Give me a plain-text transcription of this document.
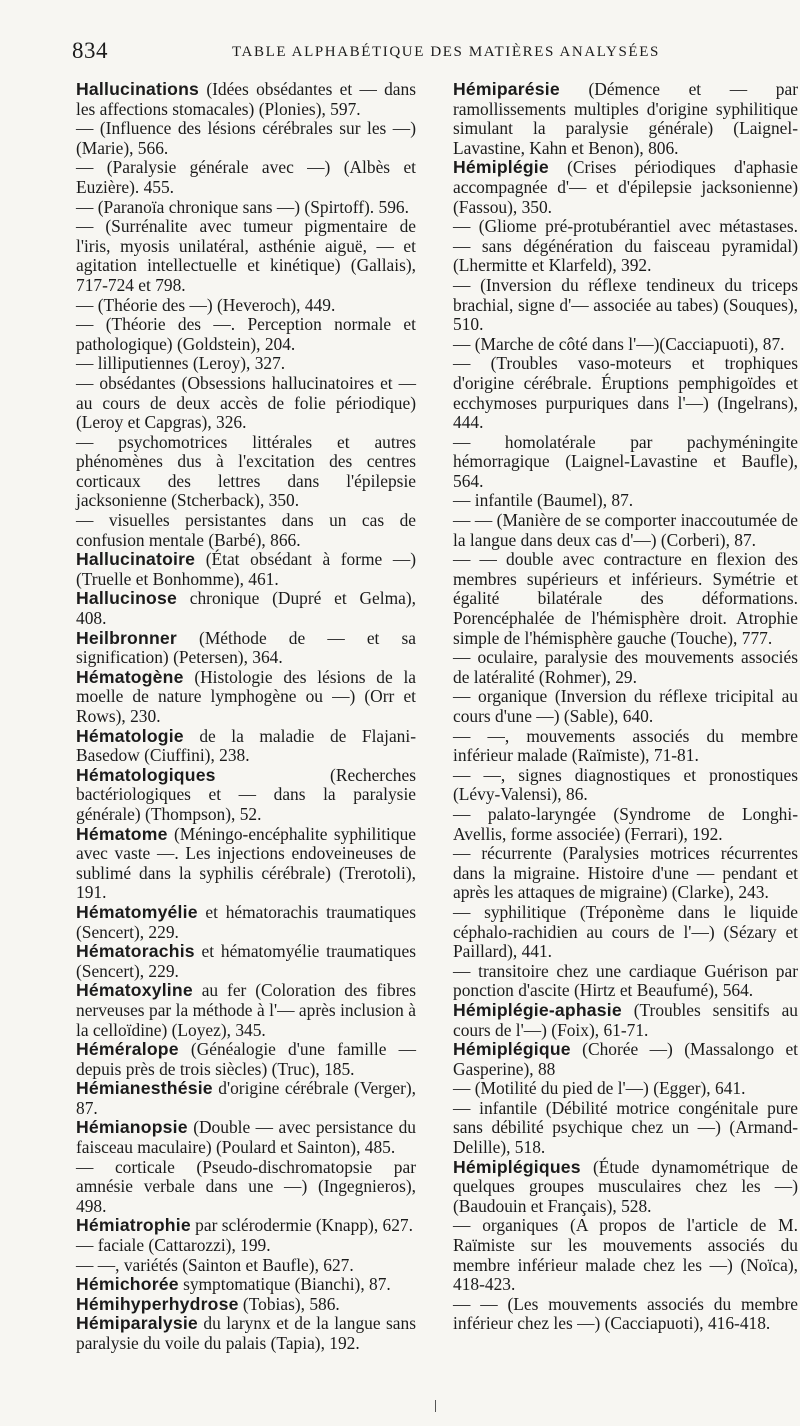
834	TABLE ALPHABÉTIQUE DES MATIÈRES ANALYSÉES

Hallucinations (Idées obsédantes et — dans les affections stomacales) (Plonies), 597.

— (Influence des lésions cérébrales sur les —) (Marie), 566.

— (Paralysie générale avec —) (Albès et Euzière). 455.

— (Paranoïa chronique sans —) (Spirtoff). 596.

— (Surrénalite avec tumeur pigmentaire de l'iris, myosis unilatéral, asthénie aiguë, — et agitation intellectuelle et kinétique) (Gallais), 717-724 et 798.

— (Théorie des —) (Heveroch), 449.

— (Théorie des —. Perception normale et pathologique) (Goldstein), 204.

— lilliputiennes (Leroy), 327.

— obsédantes (Obsessions hallucinatoires et — au cours de deux accès de folie périodique) (Leroy et Capgras), 326.

— psychomotrices littérales et autres phénomènes dus à l'excitation des centres corticaux des lettres dans l'épilepsie jacksonienne (Stcherback), 350.

— visuelles persistantes dans un cas de confusion mentale (Barbé), 866.

Hallucinatoire (État obsédant à forme —) (Truelle et Bonhomme), 461.

Hallucinose chronique (Dupré et Gelma), 408.

Heilbronner (Méthode de — et sa signification) (Petersen), 364.

Hématogène (Histologie des lésions de la moelle de nature lymphogène ou —) (Orr et Rows), 230.

Hématologie de la maladie de Flajani-Basedow (Ciuffini), 238.

Hématologiques (Recherches bactériologiques et — dans la paralysie générale) (Thompson), 52.

Hématome (Méningo-encéphalite syphilitique avec vaste —. Les injections endoveineuses de sublimé dans la syphilis cérébrale) (Trerotoli), 191.

Hématomyélie et hématorachis traumatiques (Sencert), 229.

Hématorachis et hématomyélie traumatiques (Sencert), 229.

Hématoxyline au fer (Coloration des fibres nerveuses par la méthode à l'— après inclusion à la celloïdine) (Loyez), 345.

Héméralope (Généalogie d'une famille — depuis près de trois siècles) (Truc), 185.

Hémianesthésie d'origine cérébrale (Verger), 87.

Hémianopsie (Double — avec persistance du faisceau maculaire) (Poulard et Sainton), 485.

— corticale (Pseudo-dischromatopsie par amnésie verbale dans une —) (Ingegnieros), 498.

Hémiatrophie par sclérodermie (Knapp), 627.

— faciale (Cattarozzi), 199.

— —, variétés (Sainton et Baufle), 627.

Hémichorée symptomatique (Bianchi), 87.

Hémihyperhydrose (Tobias), 586.

Hémiparalysie du larynx et de la langue sans paralysie du voile du palais (Tapia), 192.

Hémiparésie (Démence et — par ramollissements multiples d'origine syphilitique simulant la paralysie générale) (Laignel-Lavastine, Kahn et Benon), 806.

Hémiplégie (Crises périodiques d'aphasie accompagnée d'— et d'épilepsie jacksonienne) (Fassou), 350.

— (Gliome pré-protubérantiel avec métastases. — sans dégénération du faisceau pyramidal) (Lhermitte et Klarfeld), 392.

— (Inversion du réflexe tendineux du triceps brachial, signe d'— associée au tabes) (Souques), 510.

— (Marche de côté dans l'—)(Cacciapuoti), 87.

— (Troubles vaso-moteurs et trophiques d'origine cérébrale. Éruptions pemphigoïdes et ecchymoses purpuriques dans l'—) (Ingelrans), 444.

— homolatérale par pachyméningite hémorragique (Laignel-Lavastine et Baufle), 564.

— infantile (Baumel), 87.

— — (Manière de se comporter inaccoutumée de la langue dans deux cas d'—) (Corberi), 87.

— — double avec contracture en flexion des membres supérieurs et inférieurs. Symétrie et égalité bilatérale des déformations. Porencéphalée de l'hémisphère droit. Atrophie simple de l'hémisphère gauche (Touche), 777.

— oculaire, paralysie des mouvements associés de latéralité (Rohmer), 29.

— organique (Inversion du réflexe tricipital au cours d'une —) (Sable), 640.

— —, mouvements associés du membre inférieur malade (Raïmiste), 71-81.

— —, signes diagnostiques et pronostiques (Lévy-Valensi), 86.

— palato-laryngée (Syndrome de Longhi-Avellis, forme associée) (Ferrari), 192.

— récurrente (Paralysies motrices récurrentes dans la migraine. Histoire d'une — pendant et après les attaques de migraine) (Clarke), 243.

— syphilitique (Tréponème dans le liquide céphalo-rachidien au cours de l'—) (Sézary et Paillard), 441.

— transitoire chez une cardiaque Guérison par ponction d'ascite (Hirtz et Beaufumé), 564.

Hémiplégie-aphasie (Troubles sensitifs au cours de l'—) (Foix), 61-71.

Hémiplégique (Chorée —) (Massalongo et Gasperine), 88

— (Motilité du pied de l'—) (Egger), 641.

— infantile (Débilité motrice congénitale pure sans débilité psychique chez un —) (Armand-Delille), 518.

Hémiplégiques (Étude dynamométrique de quelques groupes musculaires chez les —) (Baudouin et Français), 528.

— organiques (A propos de l'article de M. Raïmiste sur les mouvements associés du membre inférieur malade chez les —) (Noïca), 418-423.

— — (Les mouvements associés du membre inférieur chez les —) (Cacciapuoti), 416-418.
